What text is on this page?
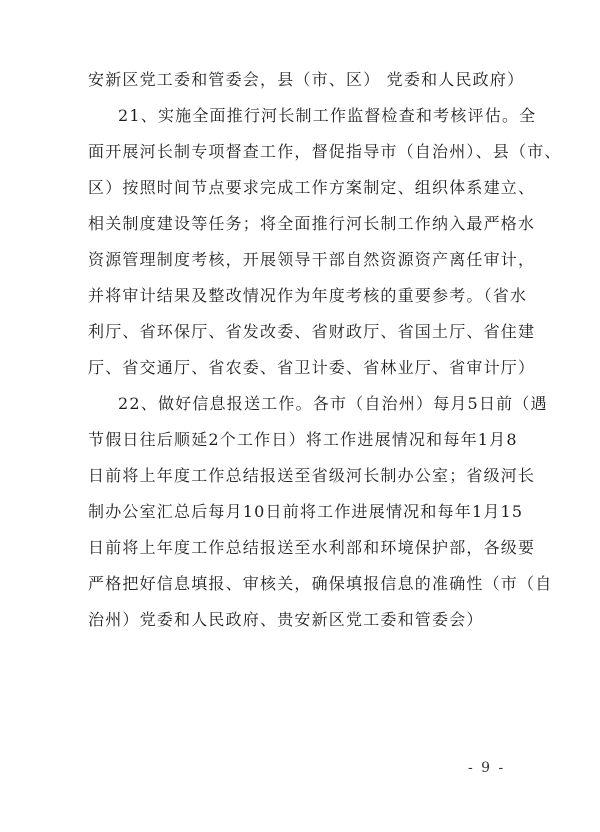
安新区党工委和管委会，县（市、区） 党委和人民政府）
21、实施全面推行河长制工作监督检查和考核评估。全
面开展河长制专项督查工作，督促指导市（自治州）、县（市、
区）按照时间节点要求完成工作方案制定、组织体系建立、
相关制度建设等任务；将全面推行河长制工作纳入最严格水
资源管理制度考核，开展领导干部自然资源资产离任审计，
并将审计结果及整改情况作为年度考核的重要参考。（省水
利厅、省环保厅、省发改委、省财政厅、省国土厅、省住建
厅、省交通厅、省农委、省卫计委、省林业厅、省审计厅）
22、做好信息报送工作。各市（自治州）每月5日前（遇
节假日往后顺延2个工作日）将工作进展情况和每年1月8
日前将上年度工作总结报送至省级河长制办公室；省级河长
制办公室汇总后每月10日前将工作进展情况和每年1月15
日前将上年度工作总结报送至水利部和环境保护部，各级要
严格把好信息填报、审核关，确保填报信息的准确性（市（自
治州）党委和人民政府、贵安新区党工委和管委会）
- 9 -
